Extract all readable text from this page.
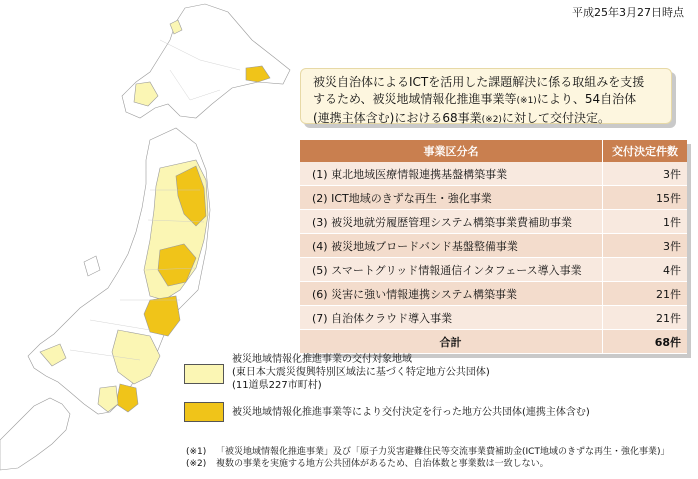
平成25年3月27日時点
被災自治体によるICTを活用した課題解決に係る取組みを支援
するため、被災地域情報化推進事業等(※1)により、54自治体
(連携主体含む)における68事業(※2)に対して交付決定。
事業区分名	交付決定件数
(1) 東北地域医療情報連携基盤構築事業	3件
(2) ICT地域のきずな再生・強化事業	15件
(3) 被災地就労履歴管理システム構築事業費補助事業	1件
(4) 被災地域ブロードバンド基盤整備事業	3件
(5) スマートグリッド情報通信インタフェース導入事業	4件
(6) 災害に強い情報連携システム構築事業	21件
(7) 自治体クラウド導入事業	21件
合計	68件
被災地域情報化推進事業の交付対象地域
(東日本大震災復興特別区域法に基づく特定地方公共団体)
(11道県227市町村)
被災地域情報化推進事業等により交付決定を行った地方公共団体(連携主体含む)
(※1) 「被災地域情報化推進事業」及び「原子力災害避難住民等交流事業費補助金(ICT地域のきずな再生・強化事業)」
(※2) 複数の事業を実施する地方公共団体があるため、自治体数と事業数は一致しない。
